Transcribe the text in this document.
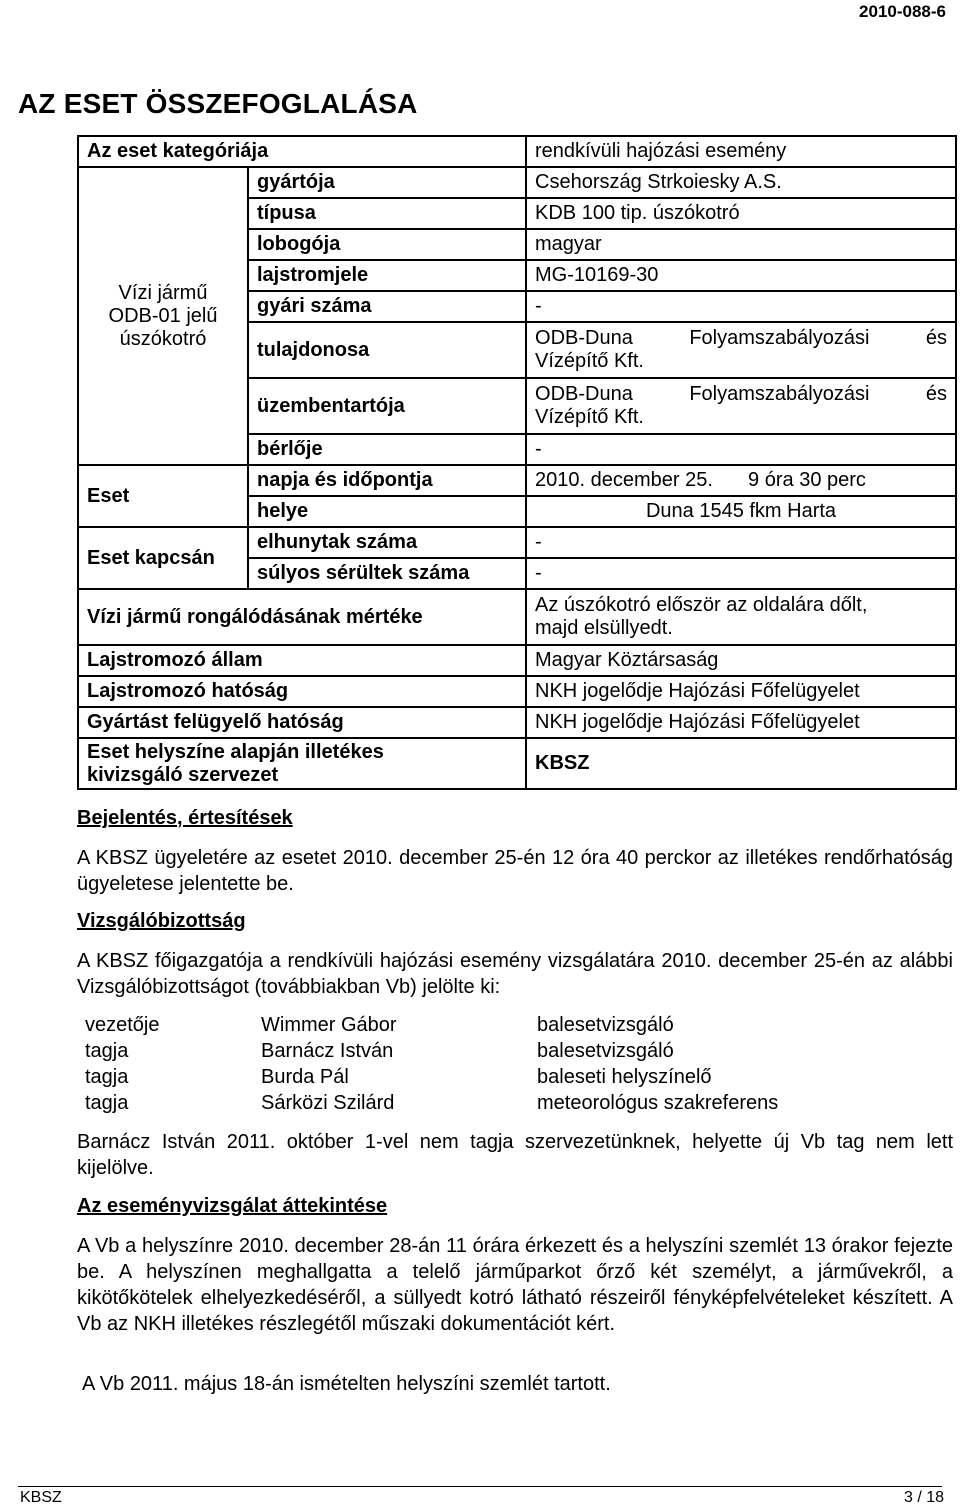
2010-088-6
AZ ESET ÖSSZEFOGLALÁSA
Az eset kategóriája		rendkívüli hajózási esemény
Vízi jármű
ODB-01 jelű
úszókotró	gyártója	Csehország Strkoiesky A.S.
	típusa	KDB 100 tip. úszókotró
	lobogója	magyar
	lajstromjele	MG-10169-30
	gyári száma	-
	tulajdonosa	ODB-Duna Folyamszabályozási és
Vízépítő Kft.

	üzembentartója	ODB-Duna Folyamszabályozási és
Vízépítő Kft.

	bérlője	-
Eset	napja és időpontja	2010. december 25. 9 óra 30 perc
	helye	Duna 1545 fkm Harta
Eset kapcsán	elhunytak száma	-
	súlyos sérültek száma	-
Vízi jármű rongálódásának mértéke		Az úszókotró először az oldalára dőlt,
majd elsüllyedt.

Lajstromozó állam		Magyar Köztársaság
Lajstromozó hatóság		NKH jogelődje Hajózási Főfelügyelet
Gyártást felügyelő hatóság		NKH jogelődje Hajózási Főfelügyelet

Eset helyszíne alapján illetékes
kivizsgáló szervezet		KBSZ
Bejelentés, értesítések

A KBSZ ügyeletére az esetet 2010. december 25-én 12 óra 40 perckor az illetékes rendőrhatóság ügyeletese jelentette be.

Vizsgálóbizottság

A KBSZ főigazgatója a rendkívüli hajózási esemény vizsgálatára 2010. december 25-én az alábbi Vizsgálóbizottságot (továbbiakban Vb) jelölte ki:

vezetője	Wimmer Gábor	balesetvizsgáló
tagja	Barnácz István	balesetvizsgáló
tagja	Burda Pál	baleseti helyszínelő
tagja	Sárközi Szilárd	meteorológus szakreferens

Barnácz István 2011. október 1-vel nem tagja szervezetünknek, helyette új Vb tag nem lett kijelölve.

Az eseményvizsgálat áttekintése

A Vb a helyszínre 2010. december 28-án 11 órára érkezett és a helyszíni szemlét 13 órakor fejezte be. A helyszínen meghallgatta a telelő járműparkot őrző két személyt, a járművekről, a kikötőkötelek elhelyezkedéséről, a süllyedt kotró látható részeiről fényképfelvételeket készített. A Vb az NKH illetékes részlegétől műszaki dokumentációt kért.

A Vb 2011. május 18-án ismételten helyszíni szemlét tartott.

KBSZ	3 / 18
